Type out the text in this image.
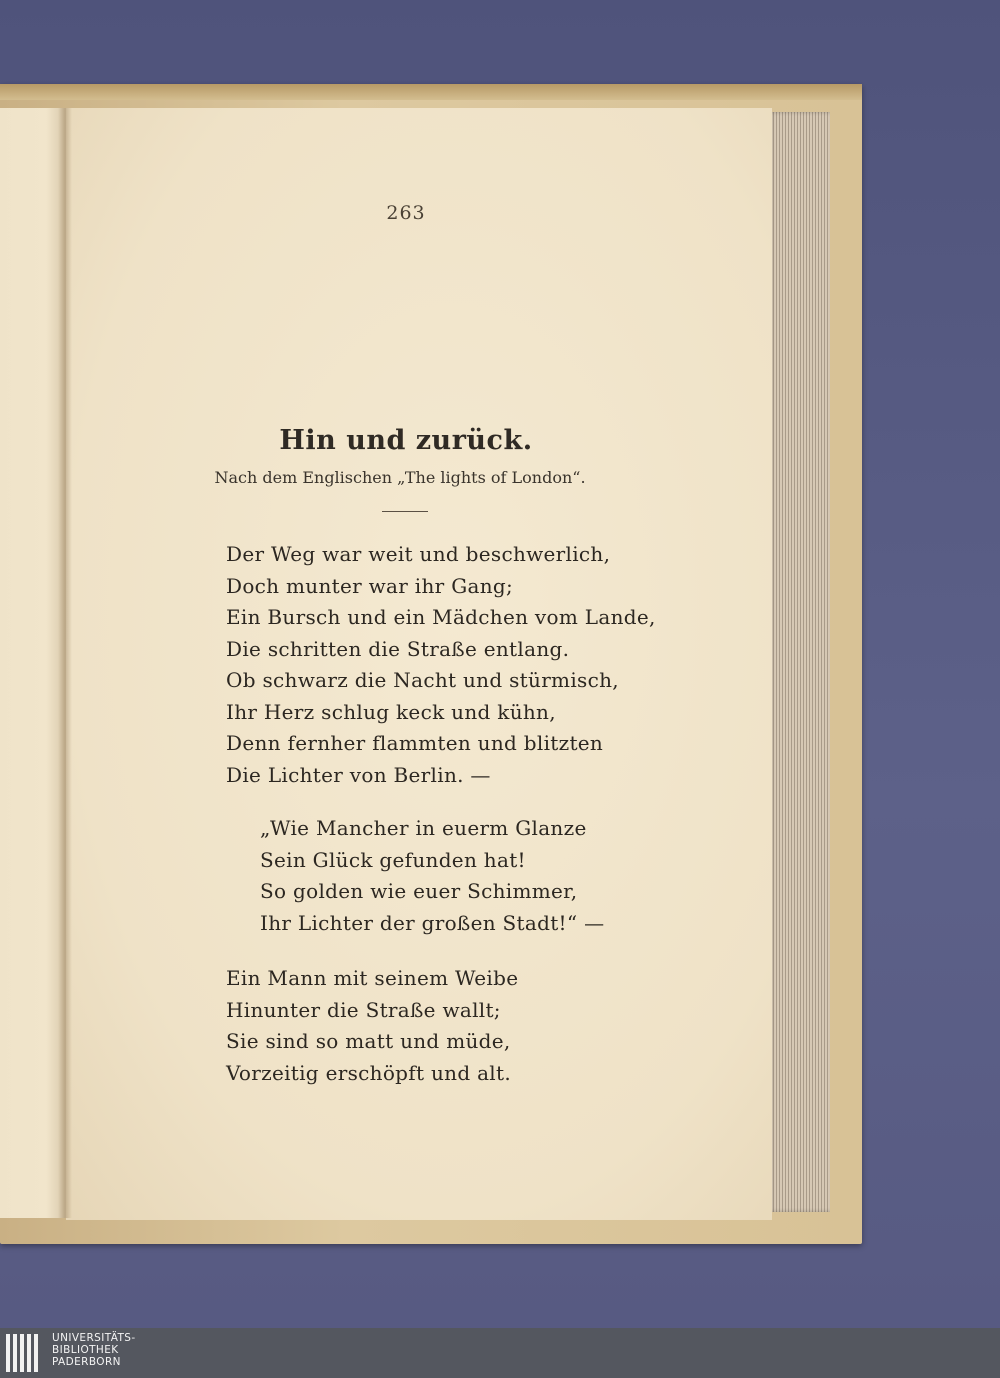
263
Hin und zurück.
Nach dem Englischen „The lights of London“.
Der Weg war weit und beschwerlich,
Doch munter war ihr Gang;
Ein Bursch und ein Mädchen vom Lande,
Die schritten die Straße entlang.
Ob schwarz die Nacht und stürmisch,
Ihr Herz schlug keck und kühn,
Denn fernher flammten und blitzten
Die Lichter von Berlin. —
„Wie Mancher in euerm Glanze
Sein Glück gefunden hat!
So golden wie euer Schimmer,
Ihr Lichter der großen Stadt!“ —
Ein Mann mit seinem Weibe
Hinunter die Straße wallt;
Sie sind so matt und müde,
Vorzeitig erschöpft und alt.
UNIVERSITÄTS-
BIBLIOTHEK
PADERBORN
